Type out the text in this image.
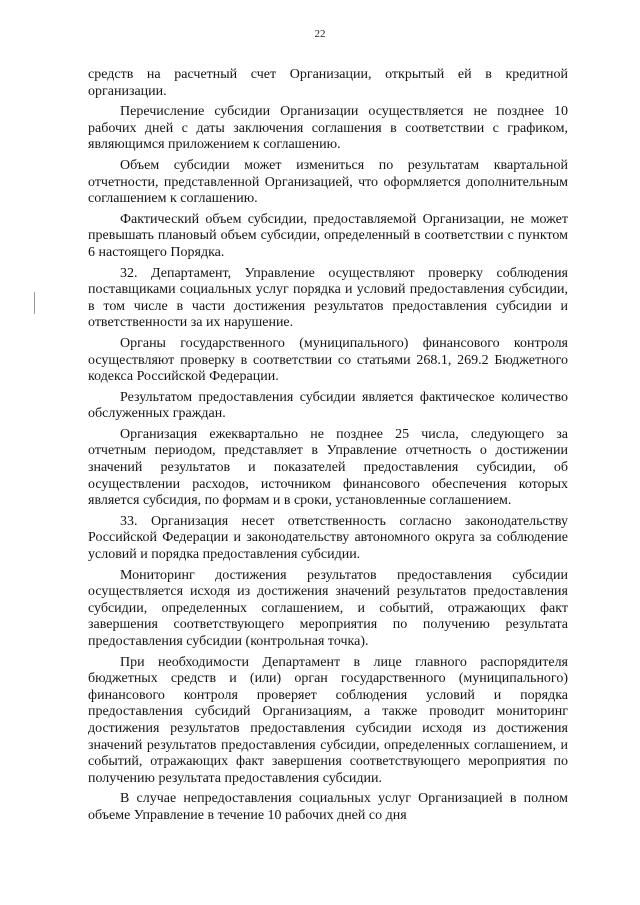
22

средств на расчетный счет Организации, открытый ей в кредитной организации.

Перечисление субсидии Организации осуществляется не позднее 10 рабочих дней с даты заключения соглашения в соответствии с графиком, являющимся приложением к соглашению.

Объем субсидии может измениться по результатам квартальной отчетности, представленной Организацией, что оформляется дополнительным соглашением к соглашению.

Фактический объем субсидии, предоставляемой Организации, не может превышать плановый объем субсидии, определенный в соответствии с пунктом 6 настоящего Порядка.

32. Департамент, Управление осуществляют проверку соблюдения поставщиками социальных услуг порядка и условий предоставления субсидии, в том числе в части достижения результатов предоставления субсидии и ответственности за их нарушение.

Органы государственного (муниципального) финансового контроля осуществляют проверку в соответствии со статьями 268.1, 269.2 Бюджетного кодекса Российской Федерации.

Результатом предоставления субсидии является фактическое количество обслуженных граждан.

Организация ежеквартально не позднее 25 числа, следующего за отчетным периодом, представляет в Управление отчетность о достижении значений результатов и показателей предоставления субсидии, об осуществлении расходов, источником финансового обеспечения которых является субсидия, по формам и в сроки, установленные соглашением.

33. Организация несет ответственность согласно законодательству Российской Федерации и законодательству автономного округа за соблюдение условий и порядка предоставления субсидии.

Мониторинг достижения результатов предоставления субсидии осуществляется исходя из достижения значений результатов предоставления субсидии, определенных соглашением, и событий, отражающих факт завершения соответствующего мероприятия по получению результата предоставления субсидии (контрольная точка).

При необходимости Департамент в лице главного распорядителя бюджетных средств и (или) орган государственного (муниципального) финансового контроля проверяет соблюдения условий и порядка предоставления субсидий Организациям, а также проводит мониторинг достижения результатов предоставления субсидии исходя из достижения значений результатов предоставления субсидии, определенных соглашением, и событий, отражающих факт завершения соответствующего мероприятия по получению результата предоставления субсидии.

В случае непредоставления социальных услуг Организацией в полном объеме Управление в течение 10 рабочих дней со дня
